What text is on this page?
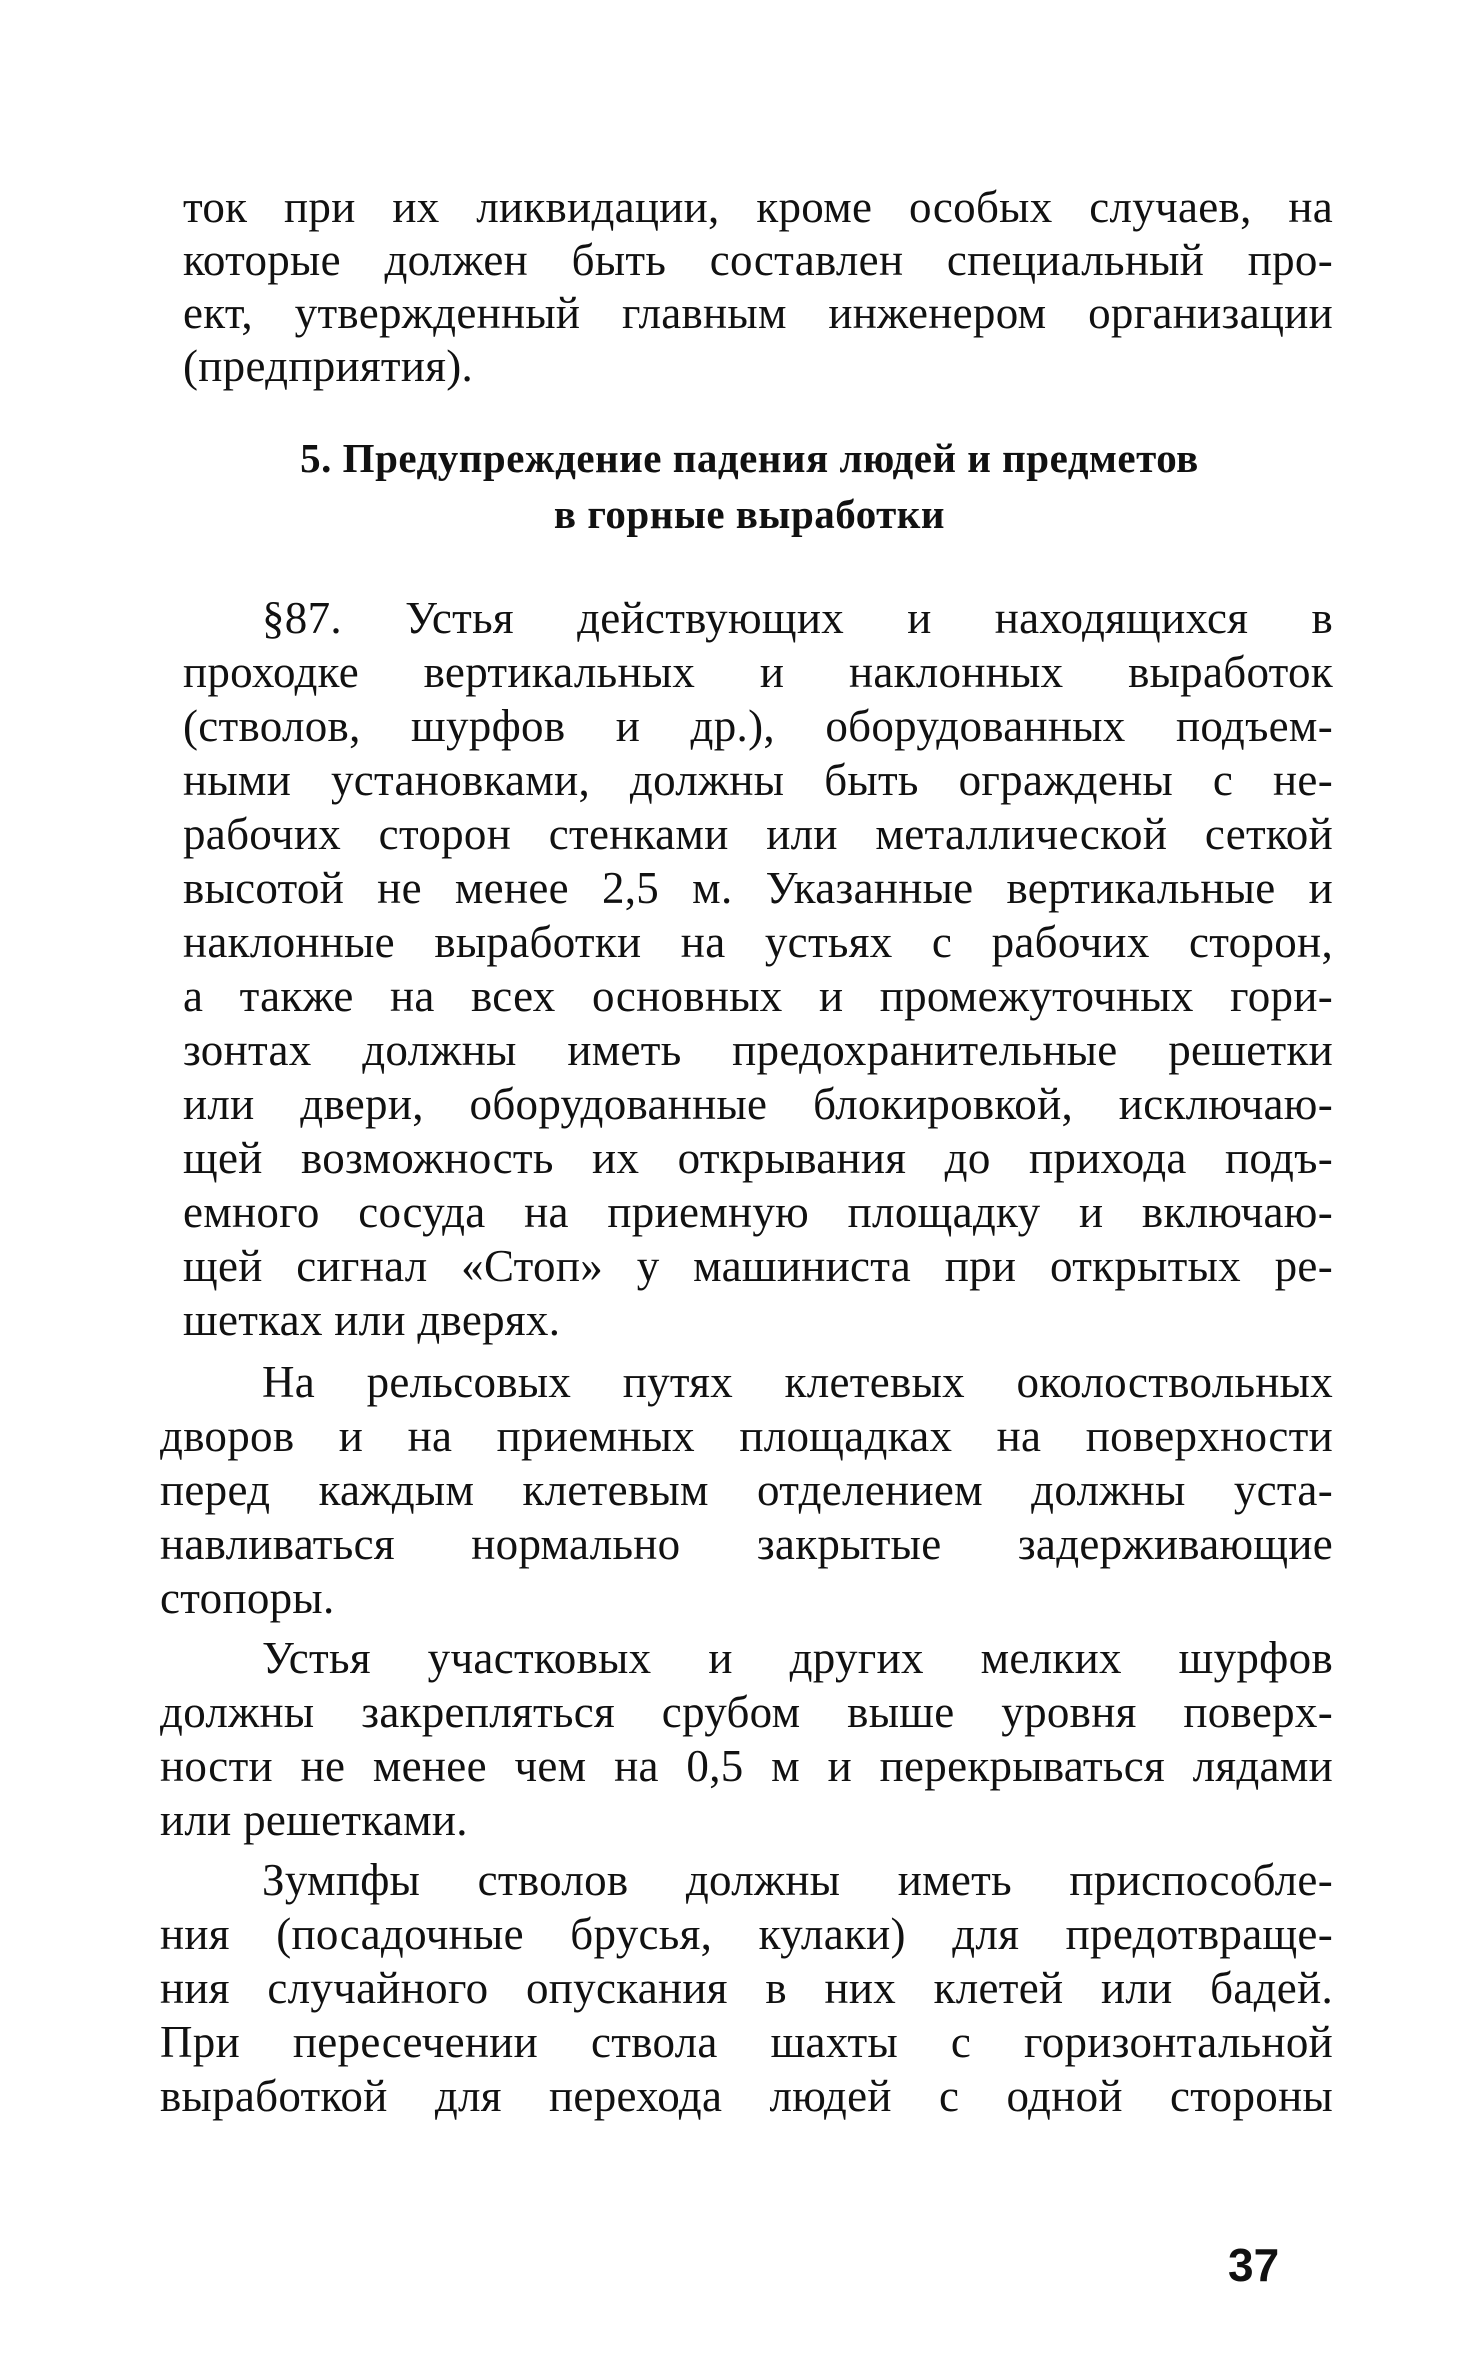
ток при их ликвидации, кроме особых случаев, на
которые должен быть составлен специальный про-
ект, утвержденный главным инженером организации
(предприятия).
5. Предупреждение падения людей и предметов
в горные выработки
§87. Устья действующих и находящихся в
проходке вертикальных и наклонных выработок
(стволов, шурфов и др.), оборудованных подъем-
ными установками, должны быть ограждены с не-
рабочих сторон стенками или металлической сеткой
высотой не менее 2,5 м. Указанные вертикальные и
наклонные выработки на устьях с рабочих сторон,
а также на всех основных и промежуточных гори-
зонтах должны иметь предохранительные решетки
или двери, оборудованные блокировкой, исключаю-
щей возможность их открывания до прихода подъ-
емного сосуда на приемную площадку и включаю-
щей сигнал «Стоп» у машиниста при открытых ре-
шетках или дверях.
На рельсовых путях клетевых околоствольных
дворов и на приемных площадках на поверхности
перед каждым клетевым отделением должны уста-
навливаться нормально закрытые задерживающие
стопоры.
Устья участковых и других мелких шурфов
должны закрепляться срубом выше уровня поверх-
ности не менее чем на 0,5 м и перекрываться лядами
или решетками.
Зумпфы стволов должны иметь приспособле-
ния (посадочные брусья, кулаки) для предотвраще-
ния случайного опускания в них клетей или бадей.
При пересечении ствола шахты с горизонтальной
выработкой для перехода людей с одной стороны
37
